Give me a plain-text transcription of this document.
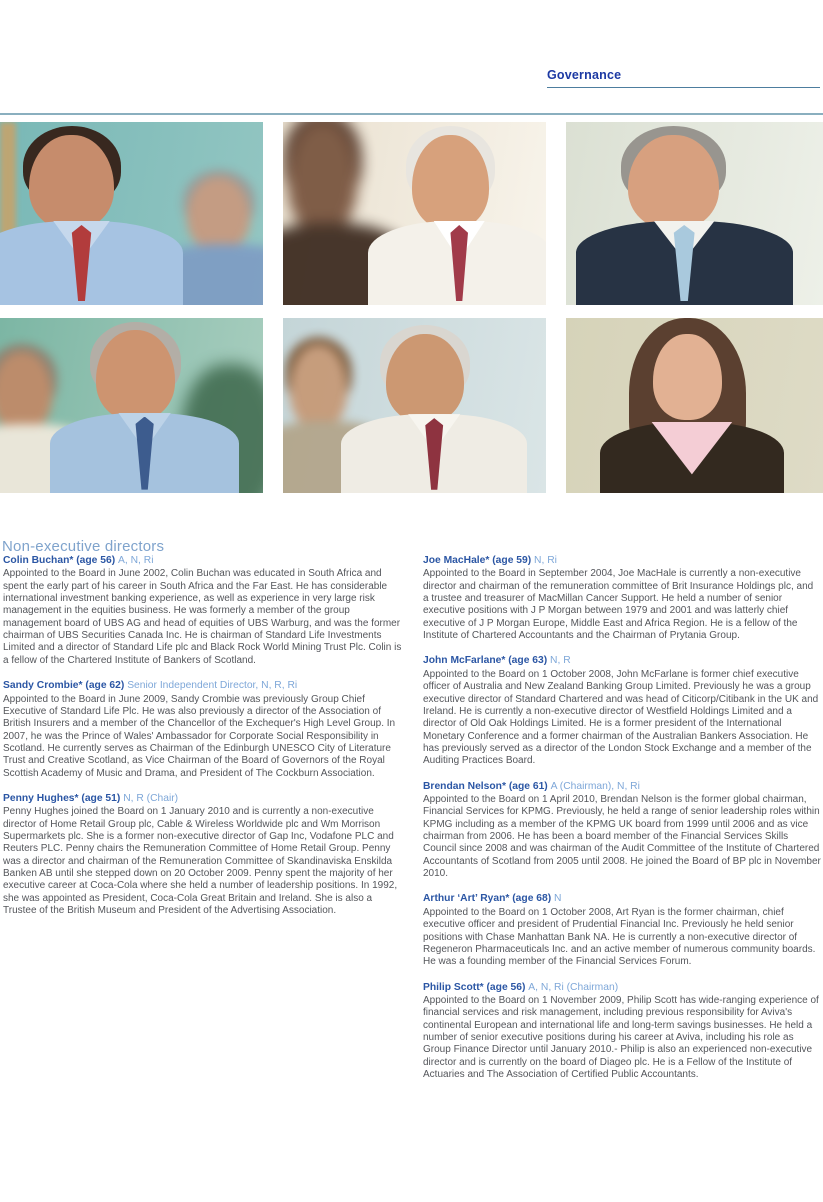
Governance
Non-executive directors
Colin Buchan* (age 56) A, N, Ri

Appointed to the Board in June 2002, Colin Buchan was educated in South Africa and spent the early part of his career in South Africa and the Far East. He has considerable international investment banking experience, as well as experience in very large risk management in the equities business. He was formerly a member of the group management board of UBS AG and head of equities of UBS Warburg, and was the former chairman of UBS Securities Canada Inc. He is chairman of Standard Life Investments Limited and a director of Standard Life plc and Black Rock World Mining Trust Plc. Colin is a fellow of the Chartered Institute of Bankers of Scotland.

Sandy Crombie* (age 62) Senior Independent Director, N, R, Ri

Appointed to the Board in June 2009, Sandy Crombie was previously Group Chief Executive of Standard Life Plc. He was also previously a director of the Association of British Insurers and a member of the Chancellor of the Exchequer's High Level Group. In 2007, he was the Prince of Wales' Ambassador for Corporate Social Responsibility in Scotland. He currently serves as Chairman of the Edinburgh UNESCO City of Literature Trust and Creative Scotland, as Vice Chairman of the Board of Governors of the Royal Scottish Academy of Music and Drama, and President of The Cockburn Association.

Penny Hughes* (age 51) N, R (Chair)

Penny Hughes joined the Board on 1 January 2010 and is currently a non-executive director of Home Retail Group plc, Cable & Wireless Worldwide plc and Wm Morrison Supermarkets plc. She is a former non-executive director of Gap Inc, Vodafone PLC and Reuters PLC. Penny chairs the Remuneration Committee of Home Retail Group. Penny was a director and chairman of the Remuneration Committee of Skandinaviska Enskilda Banken AB until she stepped down on 20 October 2009. Penny spent the majority of her executive career at Coca-Cola where she held a number of leadership positions. In 1992, she was appointed as President, Coca-Cola Great Britain and Ireland. She is also a Trustee of the British Museum and President of the Advertising Association.

Joe MacHale* (age 59) N, Ri

Appointed to the Board in September 2004, Joe MacHale is currently a non-executive director and chairman of the remuneration committee of Brit Insurance Holdings plc, and a trustee and treasurer of MacMillan Cancer Support. He held a number of senior executive positions with J P Morgan between 1979 and 2001 and was latterly chief executive of J P Morgan Europe, Middle East and Africa Region. He is a fellow of the Institute of Chartered Accountants and the Chairman of Prytania Group.

John McFarlane* (age 63) N, R

Appointed to the Board on 1 October 2008, John McFarlane is former chief executive officer of Australia and New Zealand Banking Group Limited. Previously he was a group executive director of Standard Chartered and was head of Citicorp/Citibank in the UK and Ireland. He is currently a non-executive director of Westfield Holdings Limited and a director of Old Oak Holdings Limited. He is a former president of the International Monetary Conference and a former chairman of the Australian Bankers Association. He has previously served as a director of the London Stock Exchange and a member of the Auditing Practices Board.

Brendan Nelson* (age 61) A (Chairman), N, Ri

Appointed to the Board on 1 April 2010, Brendan Nelson is the former global chairman, Financial Services for KPMG. Previously, he held a range of senior leadership roles within KPMG including as a member of the KPMG UK board from 1999 until 2006 and as vice chairman from 2006. He has been a board member of the Financial Services Skills Council since 2008 and was chairman of the Audit Committee of the Institute of Chartered Accountants of Scotland from 2005 until 2008. He joined the Board of BP plc in November 2010.

Arthur ‘Art’ Ryan* (age 68) N

Appointed to the Board on 1 October 2008, Art Ryan is the former chairman, chief executive officer and president of Prudential Financial Inc. Previously he held senior positions with Chase Manhattan Bank NA. He is currently a non-executive director of Regeneron Pharmaceuticals Inc. and an active member of numerous community boards. He was a founding member of the Financial Services Forum.

Philip Scott* (age 56) A, N, Ri (Chairman)

Appointed to the Board on 1 November 2009, Philip Scott has wide-ranging experience of financial services and risk management, including previous responsibility for Aviva's continental European and international life and long-term savings businesses. He held a number of senior executive positions during his career at Aviva, including his role as Group Finance Director until January 2010.- Philip is also an experienced non-executive director and is currently on the board of Diageo plc. He is a Fellow of the Institute of Actuaries and The Association of Certified Public Accountants.
